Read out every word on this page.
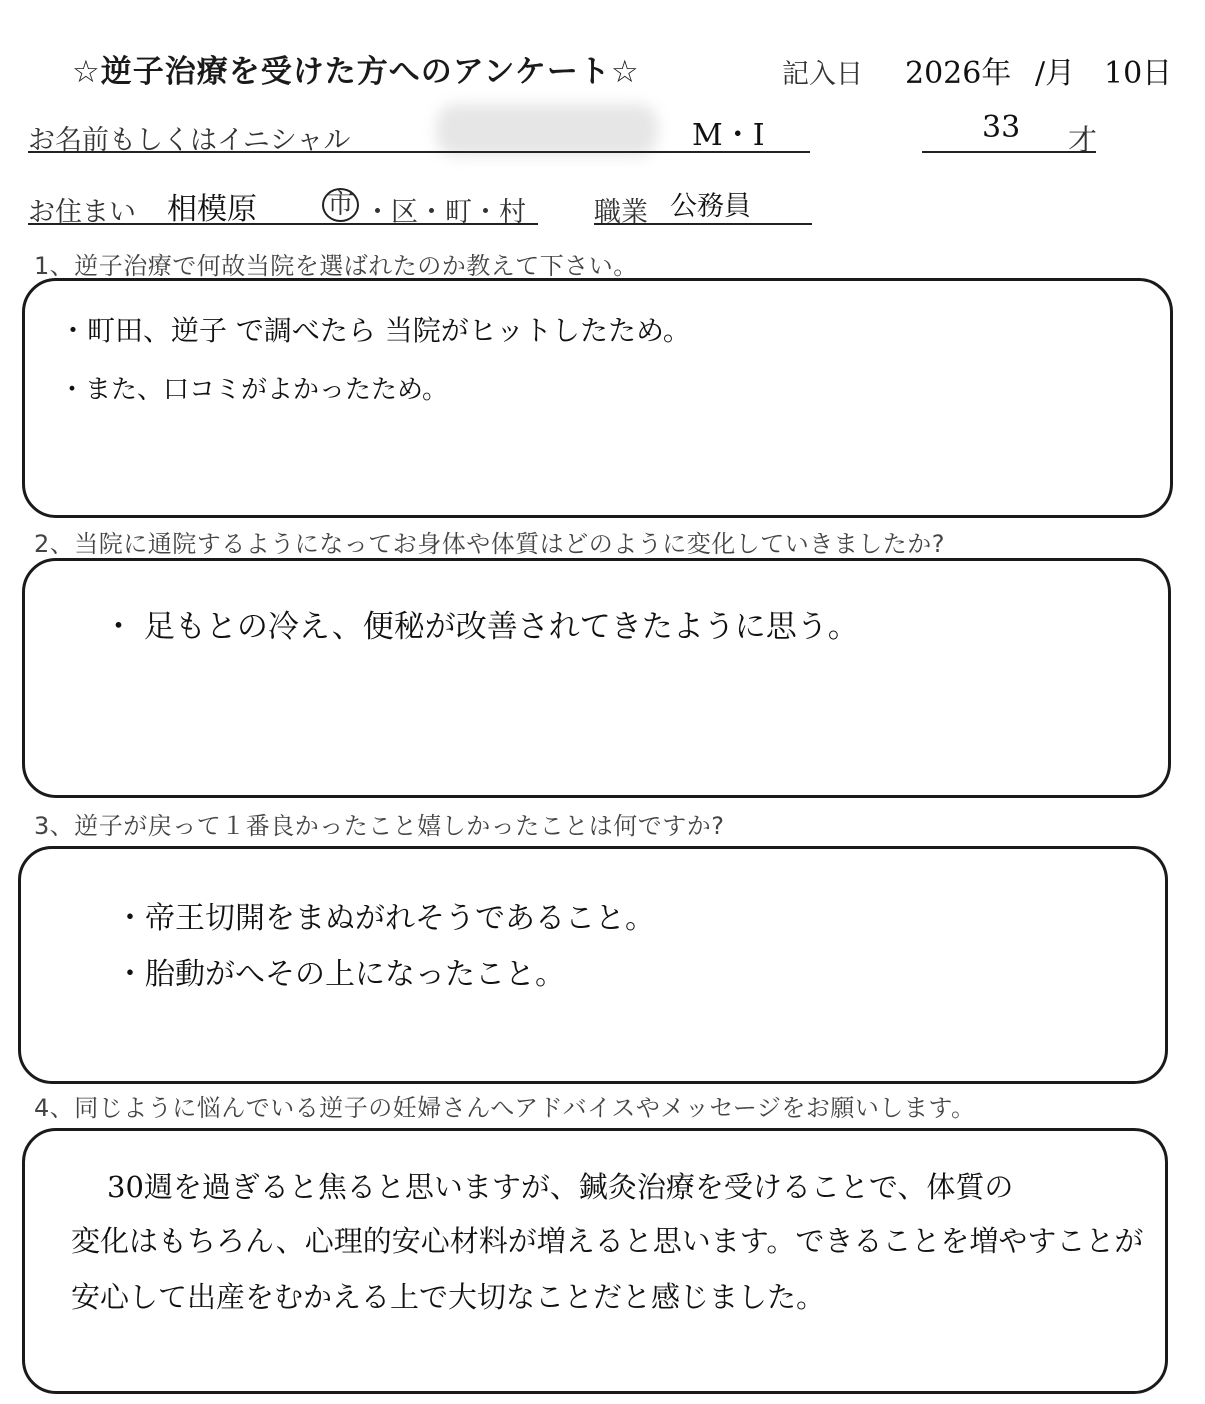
☆逆子治療を受けた方へのアンケート☆	記入日 2026年 /月 10日
お名前もしくはイニシャル	M・I	33 才
お住まい 相模原	市 ・区・町・村	職業 公務員
1、逆子治療で何故当院を選ばれたのか教えて下さい。
・町田、逆子 で調べたら 当院がヒットしたため。
・また、口コミがよかったため。
2、当院に通院するようになってお身体や体質はどのように変化していきましたか?
・ 足もとの冷え、便秘が改善されてきたように思う。
3、逆子が戻って１番良かったこと嬉しかったことは何ですか?
・帝王切開をまぬがれそうであること。
・胎動がへその上になったこと。
4、同じように悩んでいる逆子の妊婦さんへアドバイスやメッセージをお願いします。
30週を過ぎると焦ると思いますが、鍼灸治療を受けることで、体質の
変化はもちろん、心理的安心材料が増えると思います。できることを増やすことが
安心して出産をむかえる上で大切なことだと感じました。
